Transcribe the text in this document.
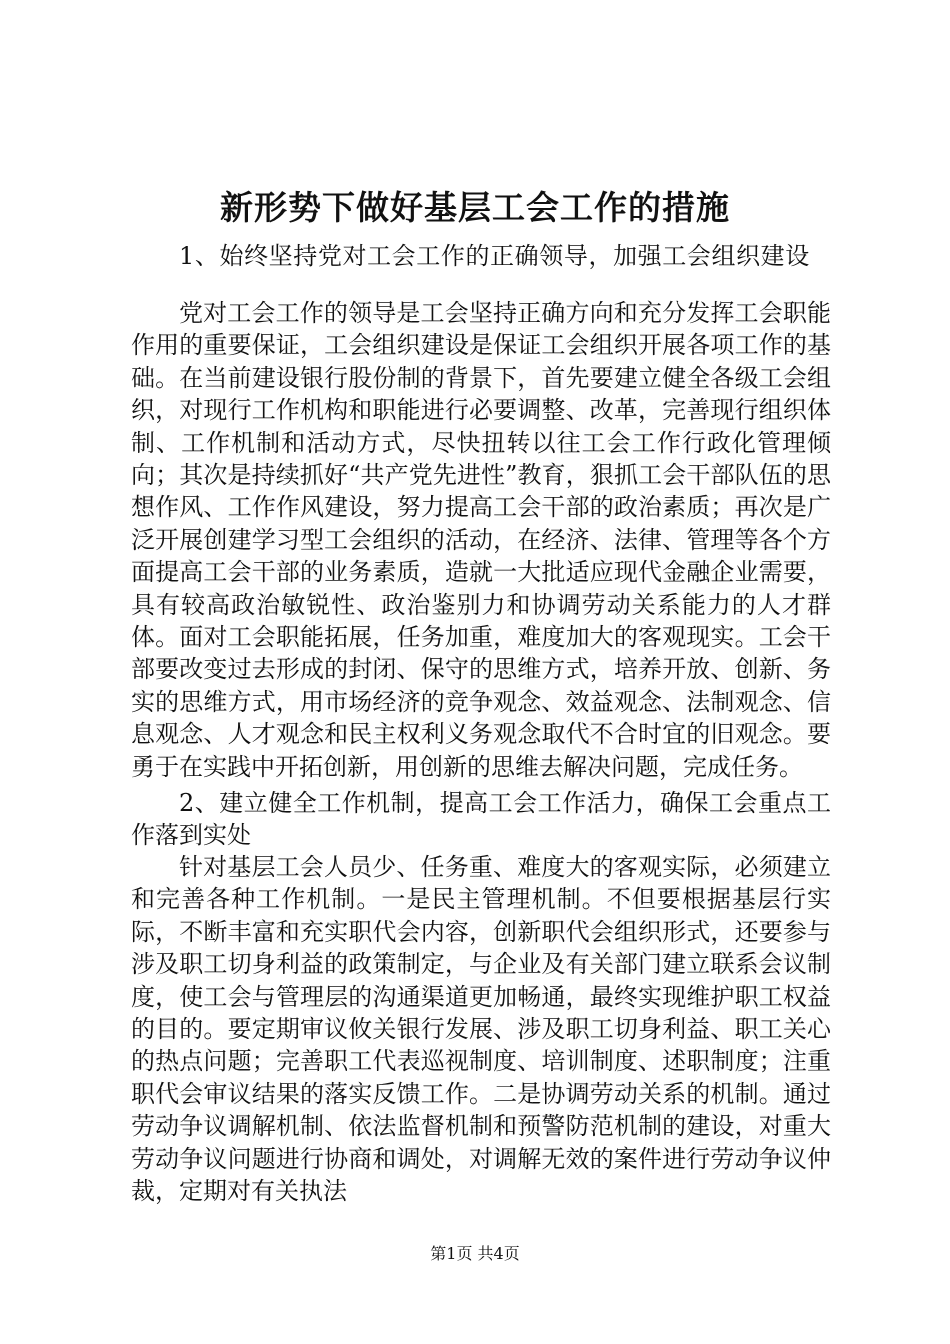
新形势下做好基层工会工作的措施
1、始终坚持党对工会工作的正确领导，加强工会组织建设
党对工会工作的领导是工会坚持正确方向和充分发挥工会职能作用的重要保证，工会组织建设是保证工会组织开展各项工作的基础。在当前建设银行股份制的背景下，首先要建立健全各级工会组织，对现行工作机构和职能进行必要调整、改革，完善现行组织体制、工作机制和活动方式，尽快扭转以往工会工作行政化管理倾向；其次是持续抓好“共产党先进性”教育，狠抓工会干部队伍的思想作风、工作作风建设，努力提高工会干部的政治素质；再次是广泛开展创建学习型工会组织的活动，在经济、法律、管理等各个方面提高工会干部的业务素质，造就一大批适应现代金融企业需要，具有较高政治敏锐性、政治鉴别力和协调劳动关系能力的人才群体。面对工会职能拓展，任务加重，难度加大的客观现实。工会干部要改变过去形成的封闭、保守的思维方式，培养开放、创新、务实的思维方式，用市场经济的竞争观念、效益观念、法制观念、信息观念、人才观念和民主权利义务观念取代不合时宜的旧观念。要勇于在实践中开拓创新，用创新的思维去解决问题，完成任务。
2、建立健全工作机制，提高工会工作活力，确保工会重点工作落到实处
针对基层工会人员少、任务重、难度大的客观实际，必须建立和完善各种工作机制。一是民主管理机制。不但要根据基层行实际，不断丰富和充实职代会内容，创新职代会组织形式，还要参与涉及职工切身利益的政策制定，与企业及有关部门建立联系会议制度，使工会与管理层的沟通渠道更加畅通，最终实现维护职工权益的目的。要定期审议攸关银行发展、涉及职工切身利益、职工关心的热点问题；完善职工代表巡视制度、培训制度、述职制度；注重职代会审议结果的落实反馈工作。二是协调劳动关系的机制。通过劳动争议调解机制、依法监督机制和预警防范机制的建设，对重大劳动争议问题进行协商和调处，对调解无效的案件进行劳动争议仲裁，定期对有关执法
第1页 共4页
